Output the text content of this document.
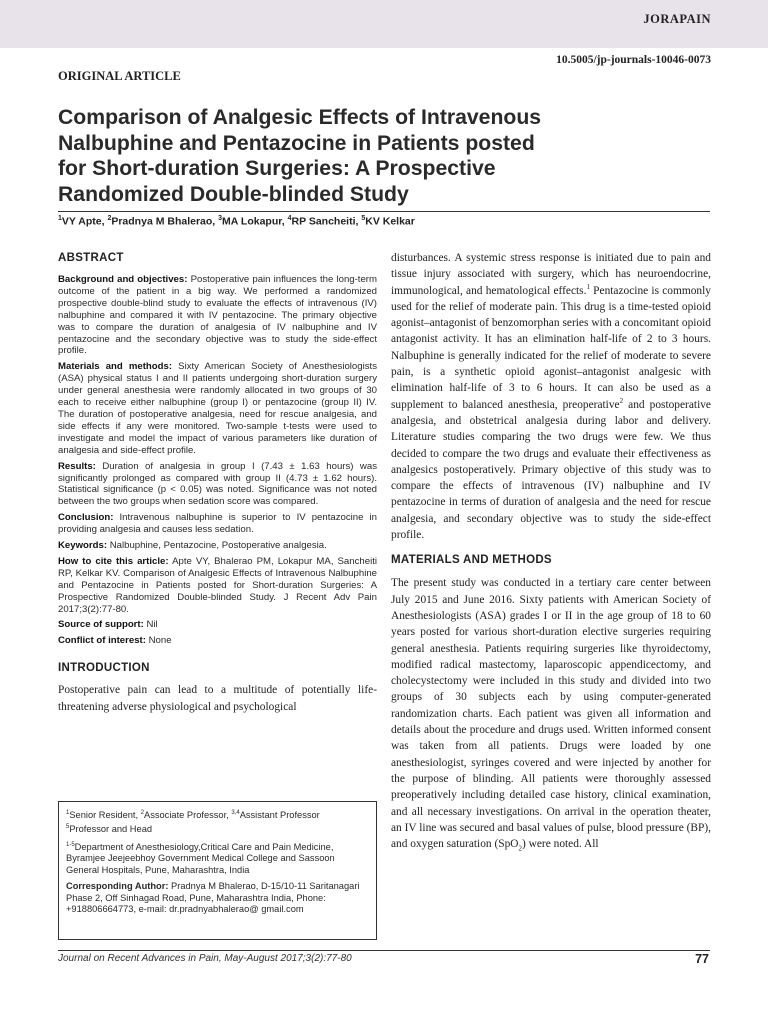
JORAPAIN
10.5005/jp-journals-10046-0073
ORIGINAL ARTICLE
Comparison of Analgesic Effects of Intravenous
Nalbuphine and Pentazocine in Patients posted
for Short-duration Surgeries: A Prospective
Randomized Double-blinded Study
$^1$VY Apte, $^2$Pradnya M Bhalerao, $^3$MA Lokapur, $^4$RP Sancheiti, $^5$KV Kelkar
ABSTRACT

Background and objectives: Postoperative pain influences the long-term outcome of the patient in a big way. We performed a randomized prospective double-blind study to evaluate the effects of intravenous (IV) nalbuphine and compared it with IV pentazocine. The primary objective was to compare the duration of analgesia of IV nalbuphine and IV pentazocine and the secondary objective was to study the side-effect profile.

Materials and methods: Sixty American Society of Anesthesiologists (ASA) physical status I and II patients undergoing short-duration surgery under general anesthesia were randomly allocated in two groups of 30 each to receive either nalbuphine (group I) or pentazocine (group II) IV. The duration of postoperative analgesia, need for rescue analgesia, and side effects if any were monitored. Two-sample t-tests were used to investigate and model the impact of various parameters like duration of analgesia and side-effect profile.

Results: Duration of analgesia in group I (7.43 ± 1.63 hours) was significantly prolonged as compared with group II (4.73 ± 1.62 hours). Statistical significance (p < 0.05) was noted. Significance was not noted between the two groups when sedation score was compared.

Conclusion: Intravenous nalbuphine is superior to IV pentazocine in providing analgesia and causes less sedation.

Keywords: Nalbuphine, Pentazocine, Postoperative analgesia.

How to cite this article: Apte VY, Bhalerao PM, Lokapur MA, Sancheiti RP, Kelkar KV. Comparison of Analgesic Effects of Intravenous Nalbuphine and Pentazocine in Patients posted for Short-duration Surgeries: A Prospective Randomized Double-blinded Study. J Recent Adv Pain 2017;3(2):77-80.

Source of support: Nil

Conflict of interest: None

INTRODUCTION

Postoperative pain can lead to a multitude of potentially life-threatening adverse physiological and psychological

$^1$Senior Resident, $^2$Associate Professor, $^{3,4}$Assistant Professor
$^5$Professor and Head

$^{1-5}$Department of Anesthesiology,Critical Care and Pain Medicine, Byramjee Jeejeebhoy Government Medical College and Sassoon General Hospitals, Pune, Maharashtra, India

Corresponding Author: Pradnya M Bhalerao, D-15/10-11 Saritanagari Phase 2, Off Sinhagad Road, Pune, Maharashtra India, Phone: +918806664773, e-mail: dr.pradnyabhalerao@ gmail.com

disturbances. A systemic stress response is initiated due to pain and tissue injury associated with surgery, which has neuroendocrine, immunological, and hematological effects.$^1$ Pentazocine is commonly used for the relief of moderate pain. This drug is a time-tested opioid agonist–antagonist of benzomorphan series with a concomitant opioid antagonist activity. It has an elimination half-life of 2 to 3 hours. Nalbuphine is generally indicated for the relief of moderate to severe pain, is a synthetic opioid agonist–antagonist analgesic with elimination half-life of 3 to 6 hours. It can also be used as a supplement to balanced anesthesia, preoperative$^2$ and postoperative analgesia, and obstetrical analgesia during labor and delivery. Literature studies comparing the two drugs were few. We thus decided to compare the two drugs and evaluate their effectiveness as analgesics postoperatively. Primary objective of this study was to compare the effects of intravenous (IV) nalbuphine and IV pentazocine in terms of duration of analgesia and the need for rescue analgesia, and secondary objective was to study the side-effect profile.

MATERIALS AND METHODS

The present study was conducted in a tertiary care center between July 2015 and June 2016. Sixty patients with American Society of Anesthesiologists (ASA) grades I or II in the age group of 18 to 60 years posted for various short-duration elective surgeries requiring general anesthesia. Patients requiring surgeries like thyroidectomy, modified radical mastectomy, laparoscopic appendicectomy, and cholecystectomy were included in this study and divided into two groups of 30 subjects each by using computer-generated randomization charts. Each patient was given all information and details about the procedure and drugs used. Written informed consent was taken from all patients. Drugs were loaded by one anesthesiologist, syringes covered and were injected by another for the purpose of blinding. All patients were thoroughly assessed preoperatively including detailed case history, clinical examination, and all necessary investigations. On arrival in the operation theater, an IV line was secured and basal values of pulse, blood pressure (BP), and oxygen saturation (SpO$_2$) were noted. All

Journal on Recent Advances in Pain, May-August 2017;3(2):77-80	77
